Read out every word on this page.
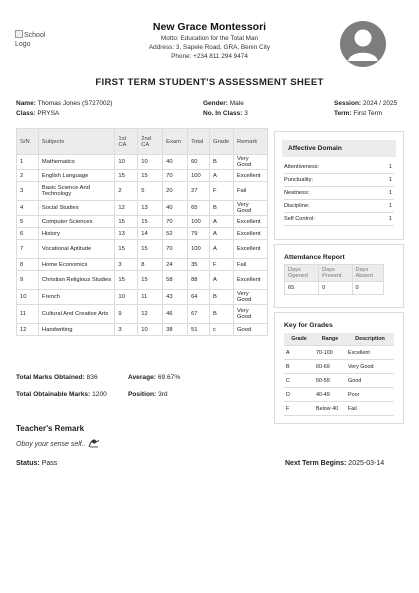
School Logo
New Grace Montessori
Motto: Education for the Total Man
Address: 3, Sapele Road, GRA, Benin City
Phone: +234 811 294 9474
FIRST TERM STUDENT'S ASSESSMENT SHEET
Name: Thomas Jones (S727002)
Class: PRYSA
Gender: Male
No. In Class: 3
Session: 2024 / 2025
Term: First Term
S/N	Subjects	1st CA	2nd CA	Exam	Total	Grade	Remark
1	Mathematics	10	10	40	60	B	Very Good
2	English Language	15	15	70	100	A	Excellent
3	Basic Science And Technology	2	5	20	27	F	Fail
4	Social Studies	12	13	40	65	B	Very Good
5	Computer Sciences	15	15	70	100	A	Excellent
6	History	13	14	52	79	A	Excellent
7	Vocational Aptitude	15	15	70	100	A	Excellent
8	Home Economics	3	8	24	35	F	Fail
9	Christian Religious Studies	15	15	58	88	A	Excellent
10	French	10	11	43	64	B	Very Good
11	Cultural And Creative Arts	9	12	46	67	B	Very Good
12	Handwriting	3	10	38	51	c	Good
Total Marks Obtained: 836	Average: 69.67%
Total Obtainable Marks: 1200	Position: 3rd
Affective Domain
Attentiveness:	1
Punctuality:	1
Neatness:	1
Discipline:	1
Self Control:	1
Attendance Report
Days Opened	Days Present	Days Absent
65	0	0
Key for Grades
Grade	Range	Description
A	70-100	Excellent
B	60-69	Very Good
C	50-59	Good
D	40-49	Poor
F	Below 40	Fail
Teacher's Remark
Oboy your sense self..
Status: Pass	Next Term Begins: 2025-03-14
